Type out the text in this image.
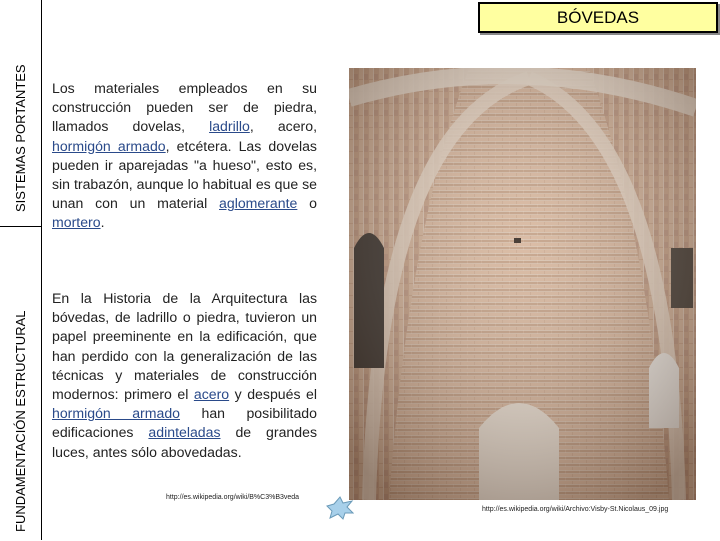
SISTEMAS PORTANTES
FUNDAMENTACIÓN ESTRUCTURAL
BÓVEDAS
Los materiales empleados en su construcción pueden ser de piedra, llamados dovelas, ladrillo, acero, hormigón armado, etcétera. Las dovelas pueden ir aparejadas "a hueso", esto es, sin trabazón, aunque lo habitual es que se unan con un material aglomerante o mortero.
En la Historia de la Arquitectura las bóvedas, de ladrillo o piedra, tuvieron un papel preeminente en la edificación, que han perdido con la generalización de las técnicas y materiales de construcción modernos: primero el acero y después el hormigón armado han posibilitado edificaciones adinteladas de grandes luces, antes sólo abovedadas.
http://es.wikipedia.org/wiki/B%C3%B3veda
http://es.wikipedia.org/wiki/Archivo:Visby-St.Nicolaus_09.jpg
